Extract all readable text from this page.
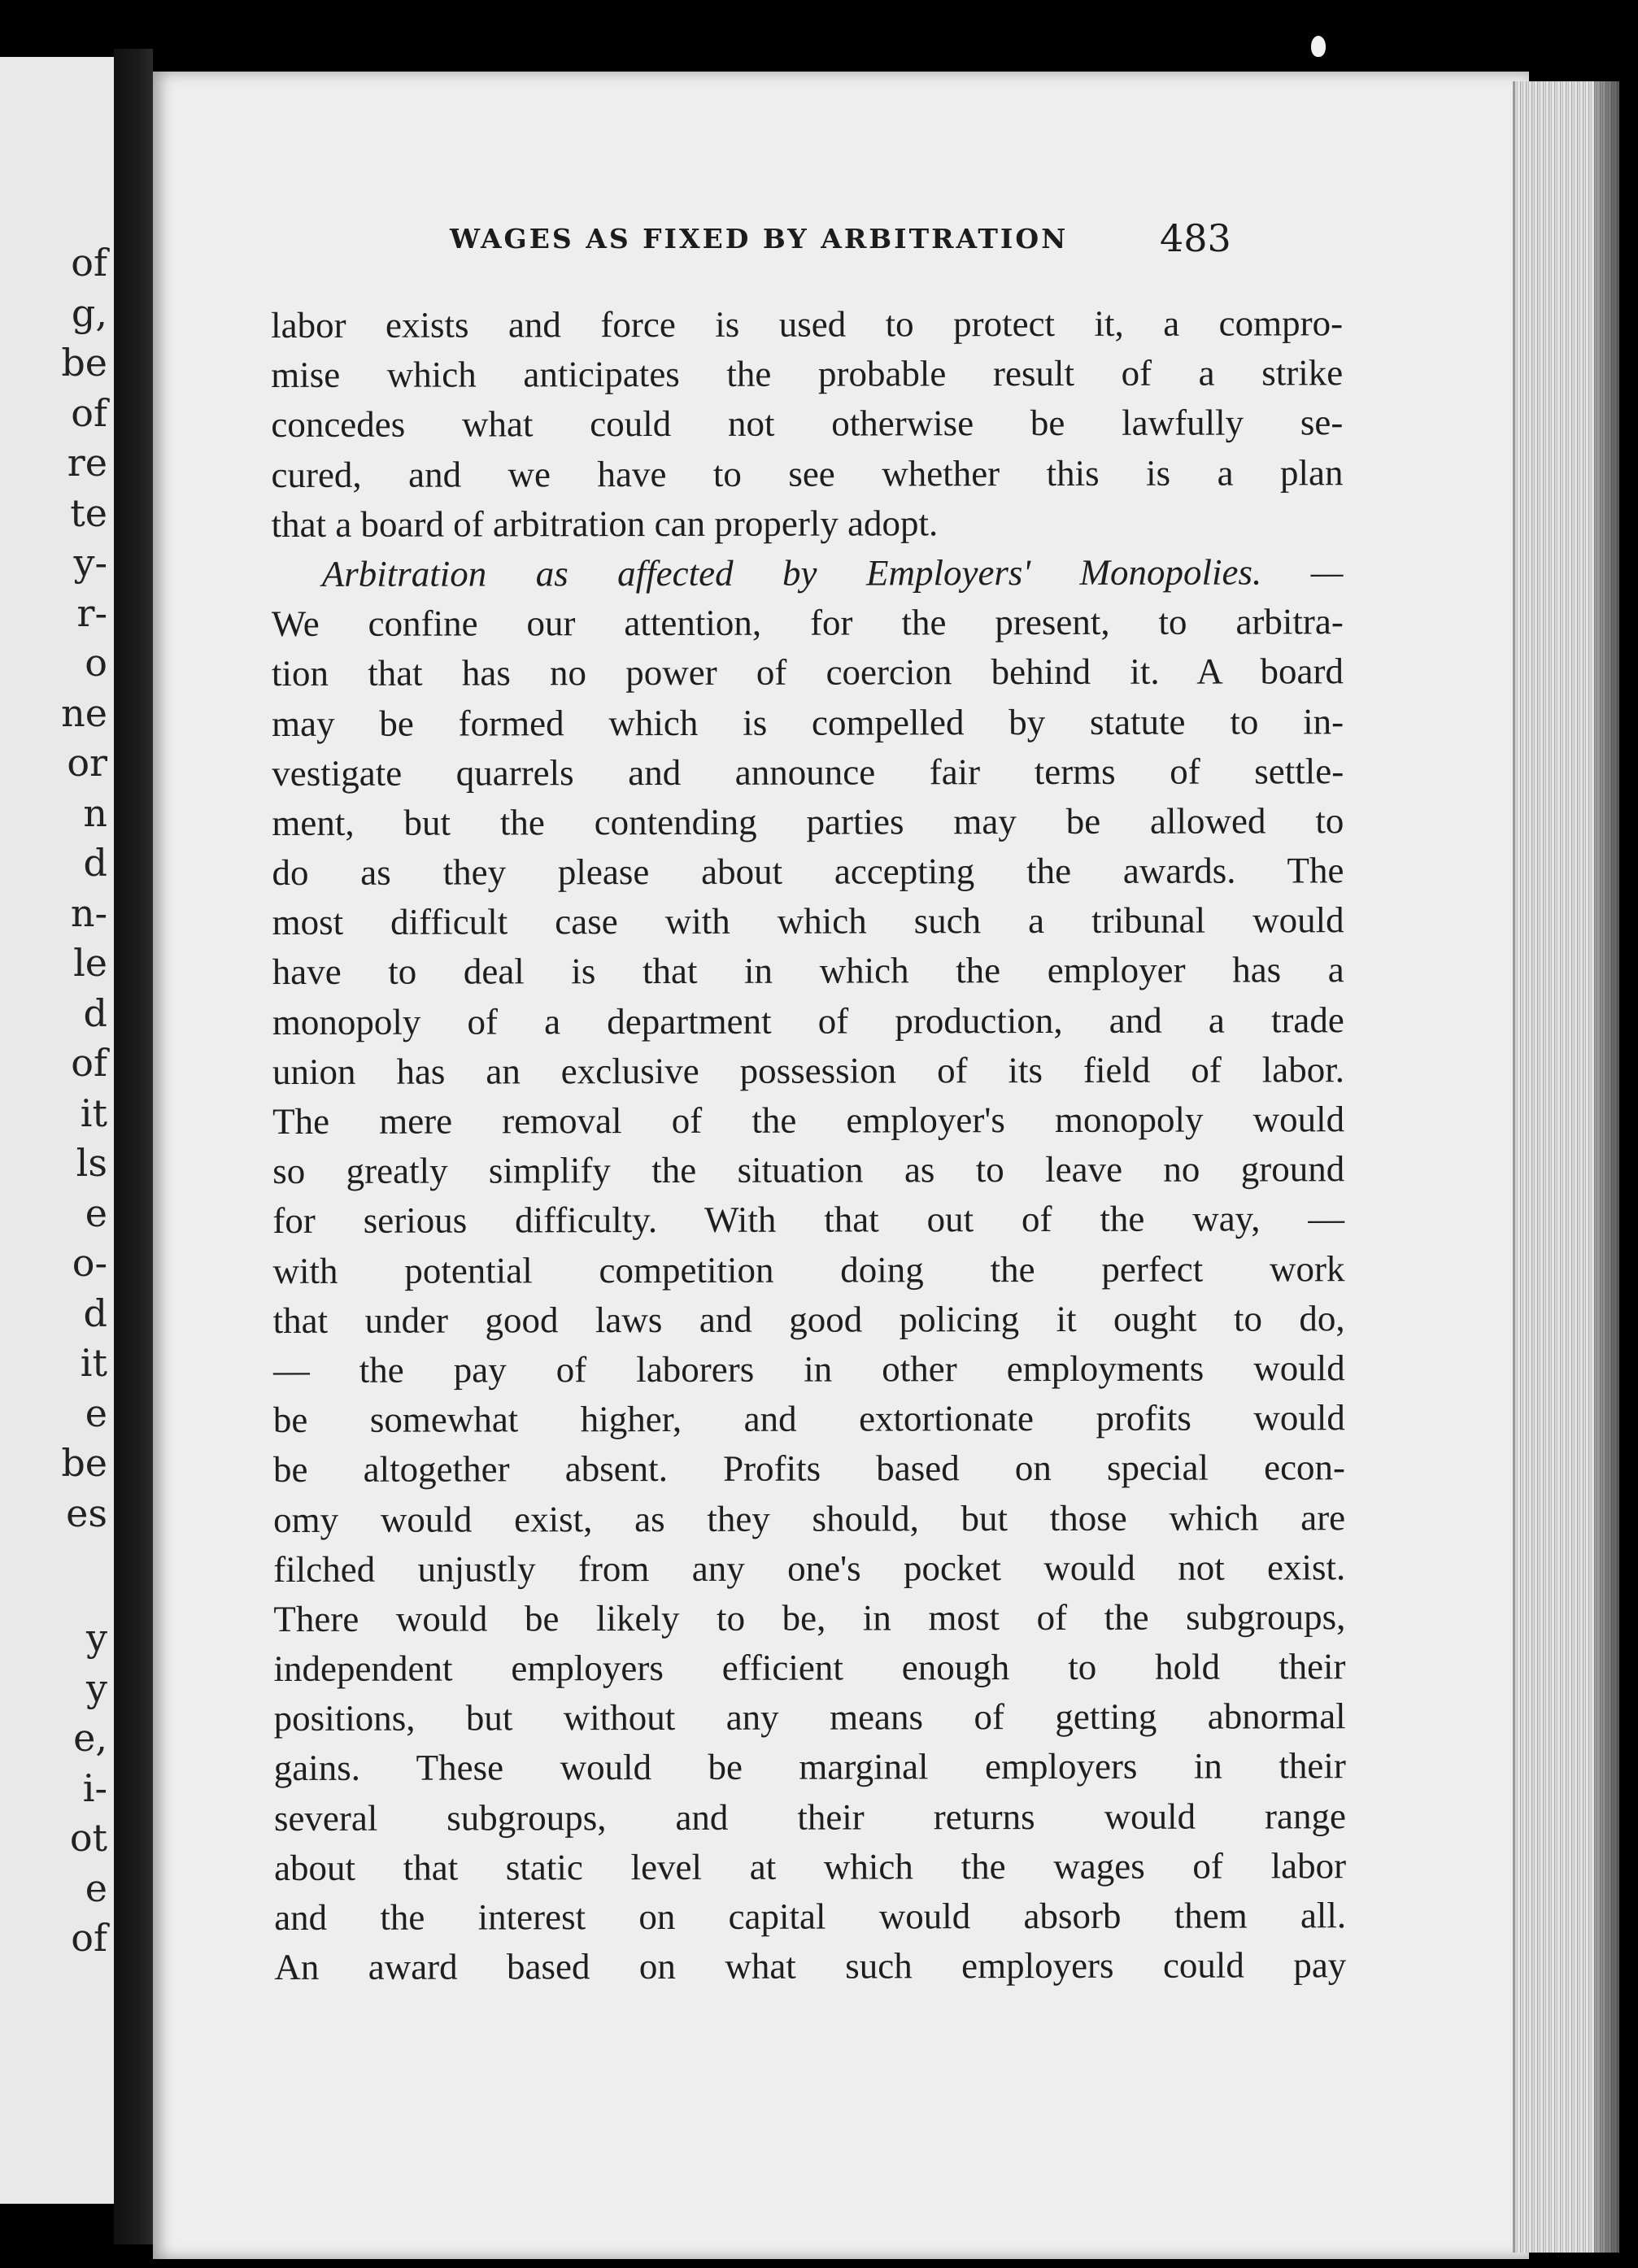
of
g,
be
of
re
te
y-
r-
o
ne
or
n
d
n-
le
d
of
it
ls
e
o-
d
it
e
be
es
y
y
e,
i-
ot
e
of
WAGES AS FIXED BY ARBITRATION 483
labor exists and force is used to protect it, a compro-
mise which anticipates the probable result of a strike
concedes what could not otherwise be lawfully se-
cured, and we have to see whether this is a plan
that a board of arbitration can properly adopt.
Arbitration as affected by Employers' Monopolies. —
We confine our attention, for the present, to arbitra-
tion that has no power of coercion behind it. A board
may be formed which is compelled by statute to in-
vestigate quarrels and announce fair terms of settle-
ment, but the contending parties may be allowed to
do as they please about accepting the awards. The
most difficult case with which such a tribunal would
have to deal is that in which the employer has a
monopoly of a department of production, and a trade
union has an exclusive possession of its field of labor.
The mere removal of the employer's monopoly would
so greatly simplify the situation as to leave no ground
for serious difficulty. With that out of the way, —
with potential competition doing the perfect work
that under good laws and good policing it ought to do,
— the pay of laborers in other employments would
be somewhat higher, and extortionate profits would
be altogether absent. Profits based on special econ-
omy would exist, as they should, but those which are
filched unjustly from any one's pocket would not exist.
There would be likely to be, in most of the subgroups,
independent employers efficient enough to hold their
positions, but without any means of getting abnormal
gains. These would be marginal employers in their
several subgroups, and their returns would range
about that static level at which the wages of labor
and the interest on capital would absorb them all.
An award based on what such employers could pay
